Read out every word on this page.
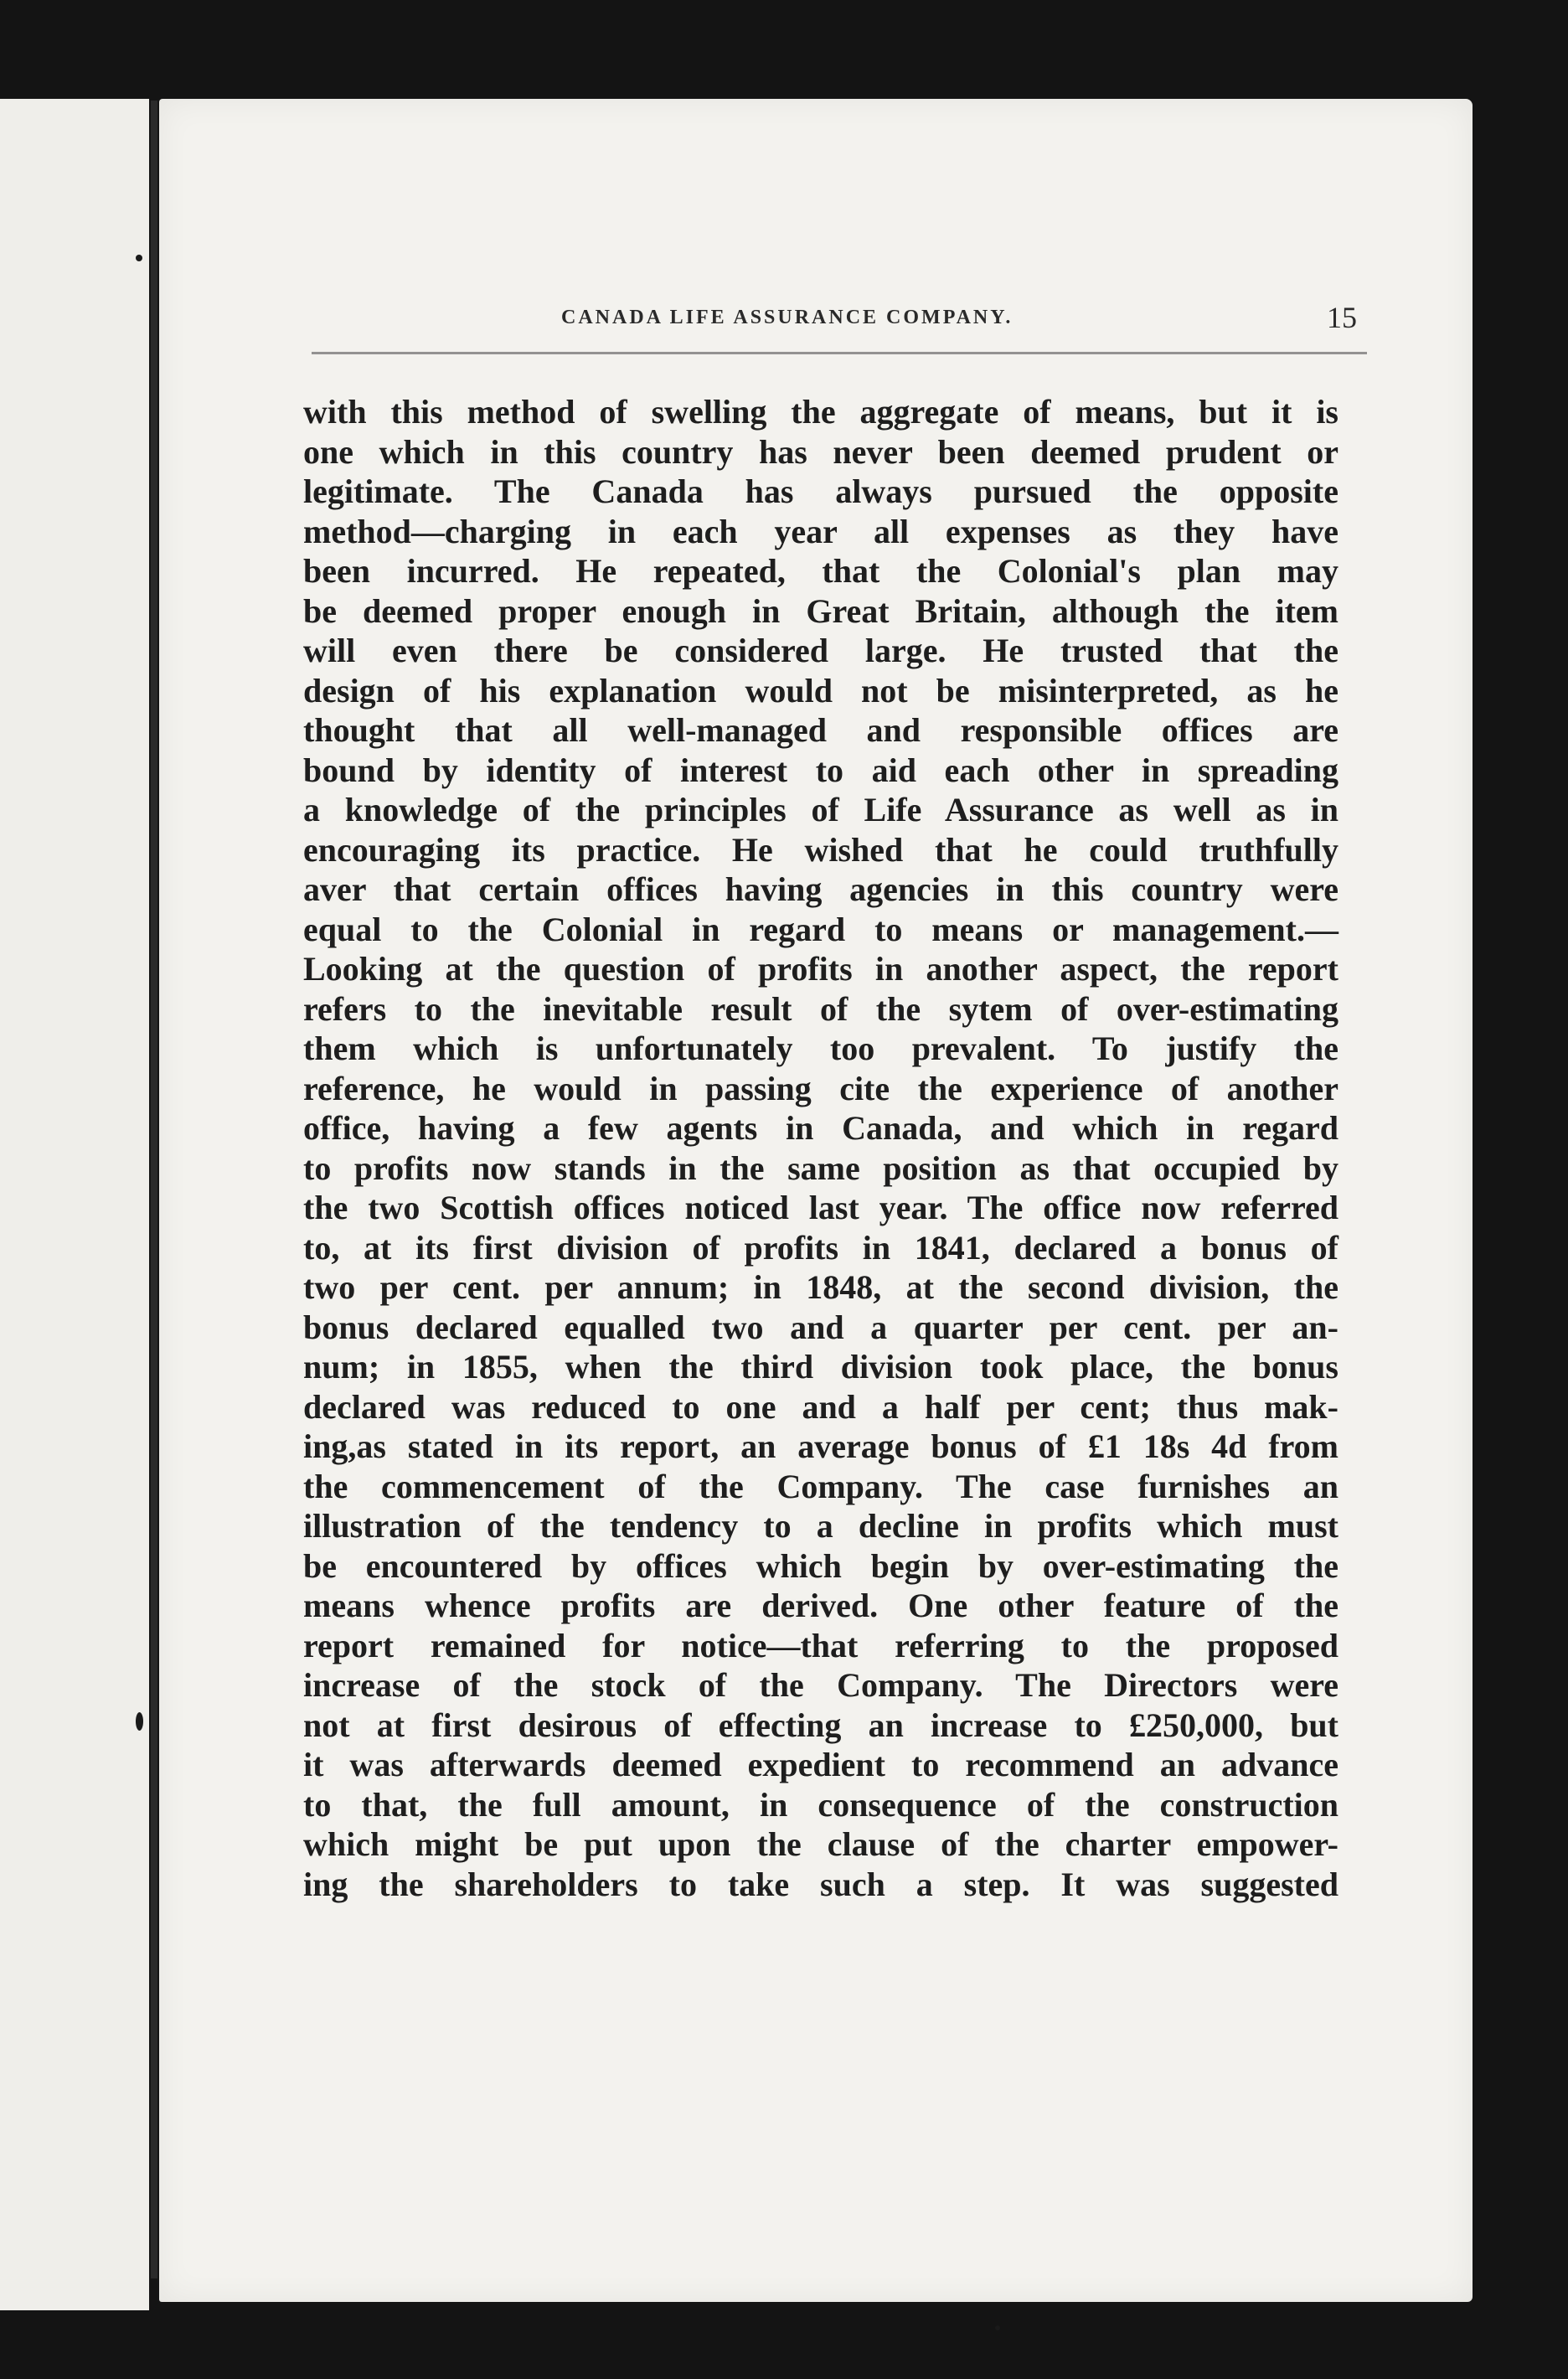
CANADA LIFE ASSURANCE COMPANY.	15

with this method of swelling the aggregate of means, but it is
one which in this country has never been deemed prudent or
legitimate. The Canada has always pursued the opposite
method—charging in each year all expenses as they have
been incurred. He repeated, that the Colonial's plan may
be deemed proper enough in Great Britain, although the item
will even there be considered large. He trusted that the
design of his explanation would not be misinterpreted, as he
thought that all well-managed and responsible offices are
bound by identity of interest to aid each other in spreading
a knowledge of the principles of Life Assurance as well as in
encouraging its practice. He wished that he could truthfully
aver that certain offices having agencies in this country were
equal to the Colonial in regard to means or management.—
Looking at the question of profits in another aspect, the report
refers to the inevitable result of the sytem of over-estimating
them which is unfortunately too prevalent. To justify the
reference, he would in passing cite the experience of another
office, having a few agents in Canada, and which in regard
to profits now stands in the same position as that occupied by
the two Scottish offices noticed last year. The office now referred
to, at its first division of profits in 1841, declared a bonus of
two per cent. per annum; in 1848, at the second division, the
bonus declared equalled two and a quarter per cent. per an-
num; in 1855, when the third division took place, the bonus
declared was reduced to one and a half per cent; thus mak-
ing,as stated in its report, an average bonus of £1 18s 4d from
the commencement of the Company. The case furnishes an
illustration of the tendency to a decline in profits which must
be encountered by offices which begin by over-estimating the
means whence profits are derived. One other feature of the
report remained for notice—that referring to the proposed
increase of the stock of the Company. The Directors were
not at first desirous of effecting an increase to £250,000, but
it was afterwards deemed expedient to recommend an advance
to that, the full amount, in consequence of the construction
which might be put upon the clause of the charter empower-
ing the shareholders to take such a step. It was suggested
